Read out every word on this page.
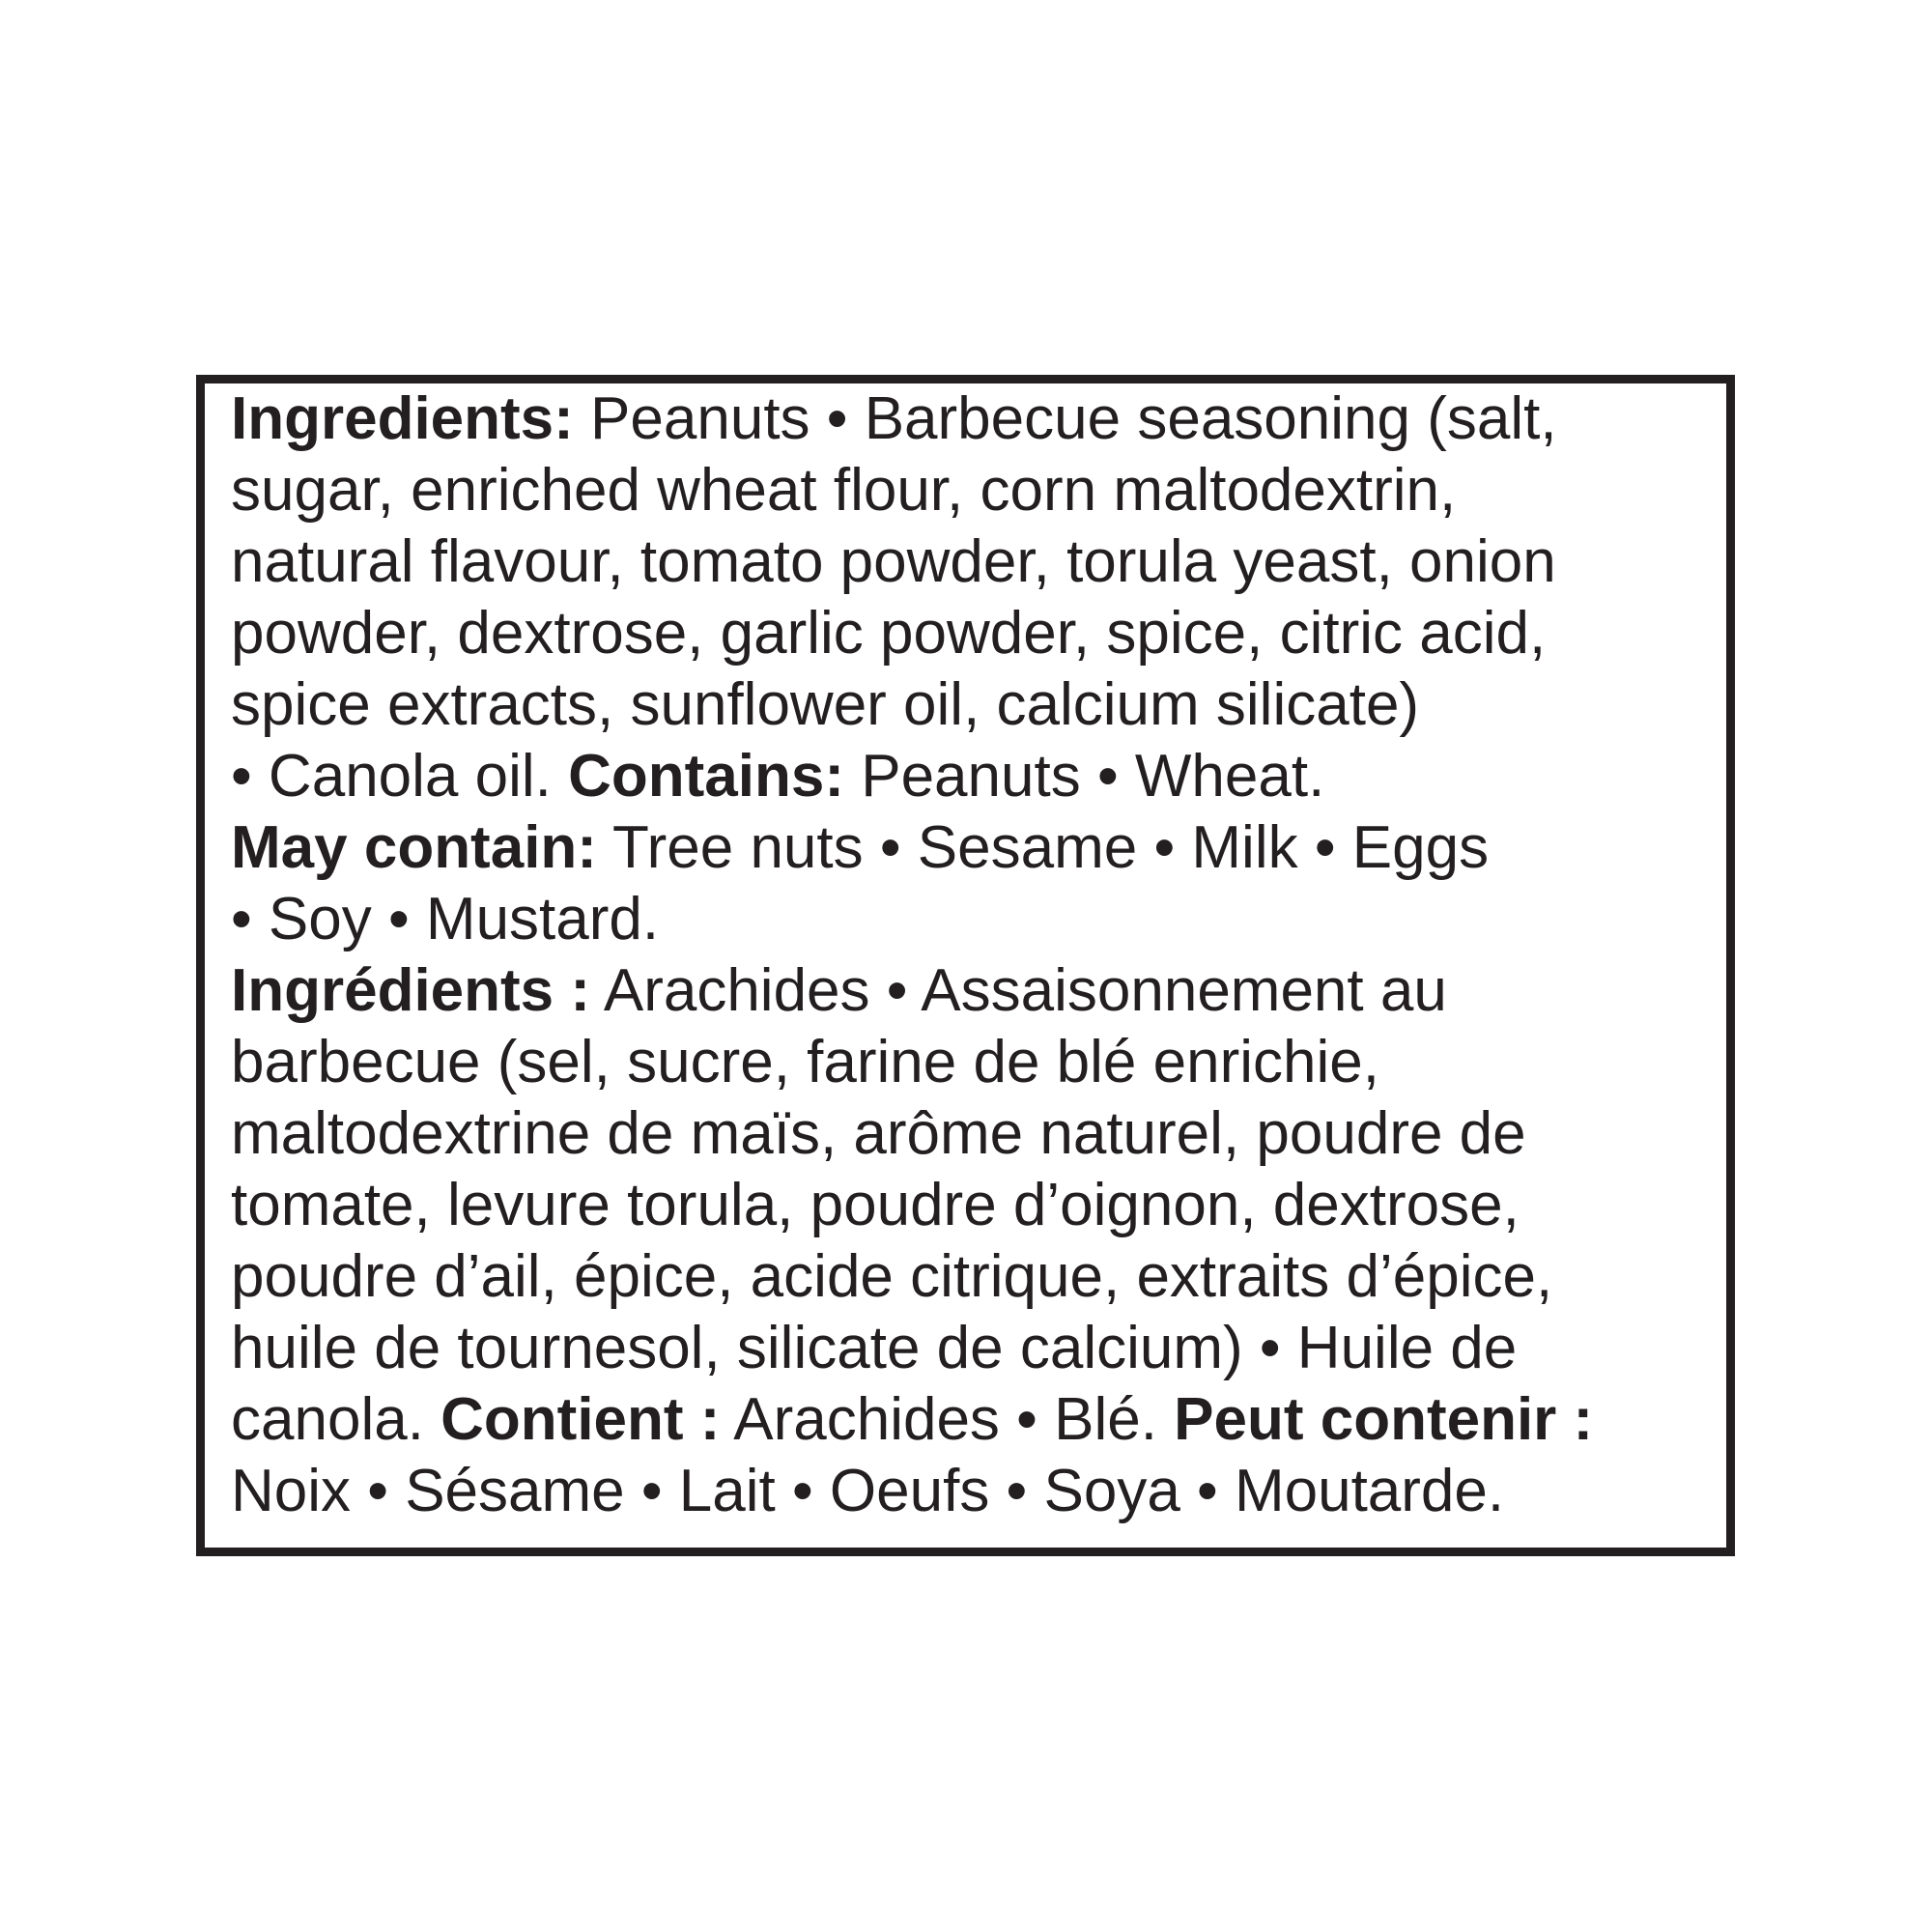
Ingredients: Peanuts • Barbecue seasoning (salt,

sugar, enriched wheat flour, corn maltodextrin,

natural flavour, tomato powder, torula yeast, onion

powder, dextrose, garlic powder, spice, citric acid,

spice extracts, sunflower oil, calcium silicate)

• Canola oil. Contains: Peanuts • Wheat.

May contain: Tree nuts • Sesame • Milk • Eggs

• Soy • Mustard.

Ingrédients : Arachides • Assaisonnement au

barbecue (sel, sucre, farine de blé enrichie,

maltodextrine de maïs, arôme naturel, poudre de

tomate, levure torula, poudre d’oignon, dextrose,

poudre d’ail, épice, acide citrique, extraits d’épice,

huile de tournesol, silicate de calcium) • Huile de

canola. Contient : Arachides • Blé. Peut contenir :

Noix • Sésame • Lait • Oeufs • Soya • Moutarde.
